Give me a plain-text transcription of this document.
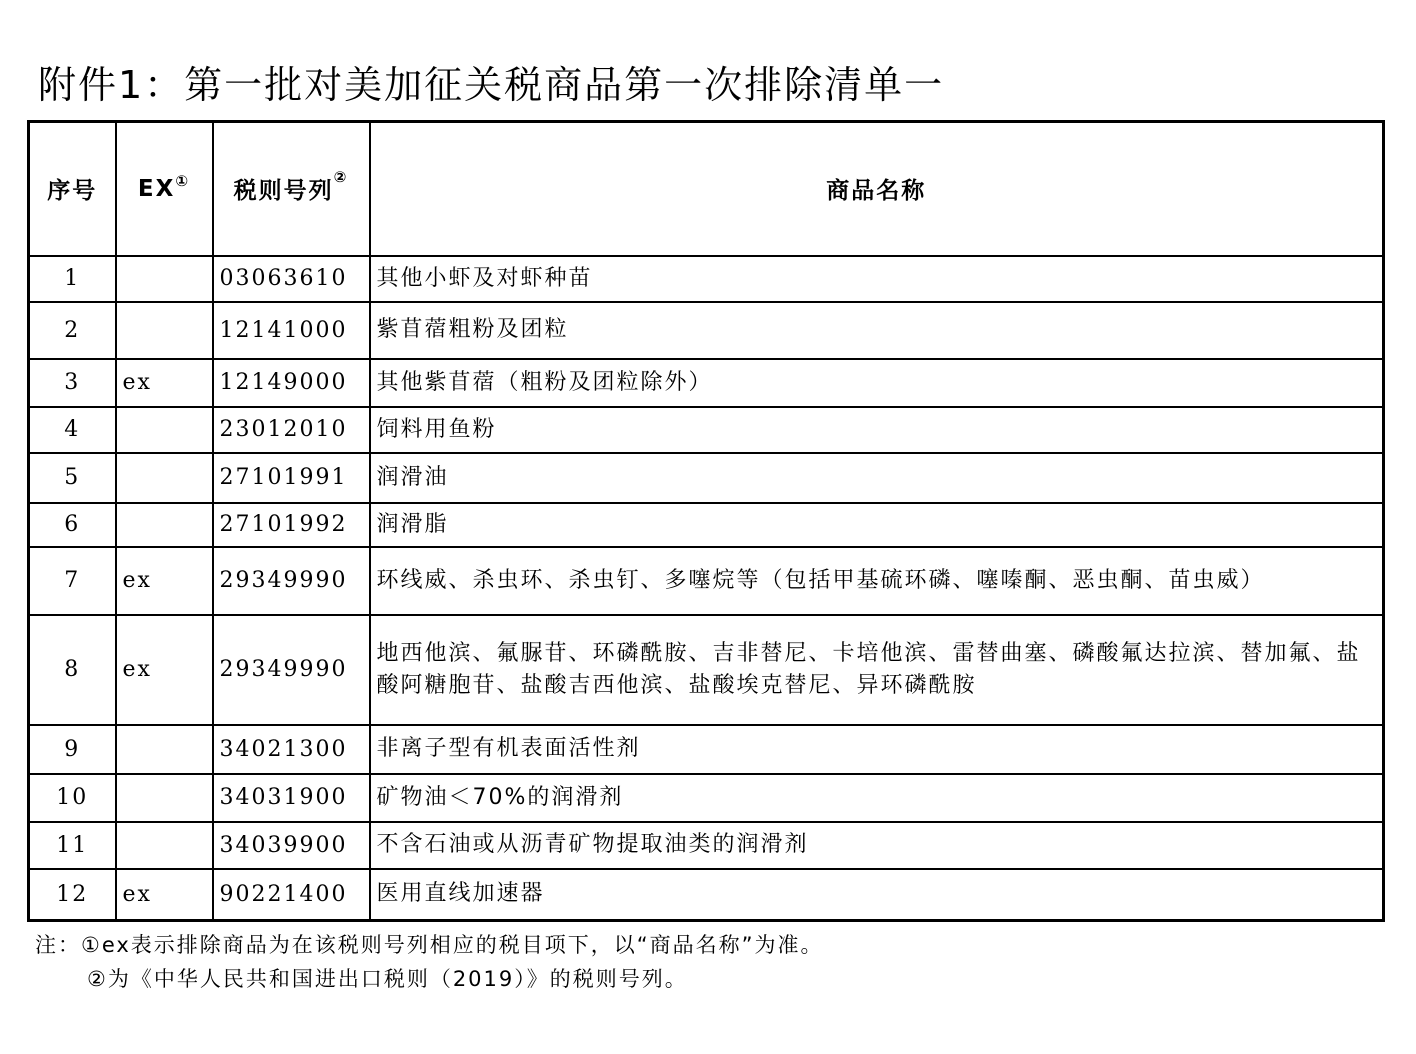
附件1：第一批对美加征关税商品第一次排除清单一
序号	EX①	税则号列②	商品名称
1		03063610	其他小虾及对虾种苗
2		12141000	紫苜蓿粗粉及团粒
3	ex	12149000	其他紫苜蓿（粗粉及团粒除外）
4		23012010	饲料用鱼粉
5		27101991	润滑油
6		27101992	润滑脂
7	ex	29349990	环线威、杀虫环、杀虫钉、多噻烷等（包括甲基硫环磷、噻嗪酮、恶虫酮、苗虫威）
8	ex	29349990	地西他滨、氟脲苷、环磷酰胺、吉非替尼、卡培他滨、雷替曲塞、磷酸氟达拉滨、替加氟、盐酸阿糖胞苷、盐酸吉西他滨、盐酸埃克替尼、异环磷酰胺
9		34021300	非离子型有机表面活性剂
10		34031900	矿物油＜70%的润滑剂
11		34039900	不含石油或从沥青矿物提取油类的润滑剂
12	ex	90221400	医用直线加速器
注：①ex表示排除商品为在该税则号列相应的税目项下，以“商品名称”为准。
②为《中华人民共和国进出口税则（2019）》的税则号列。
